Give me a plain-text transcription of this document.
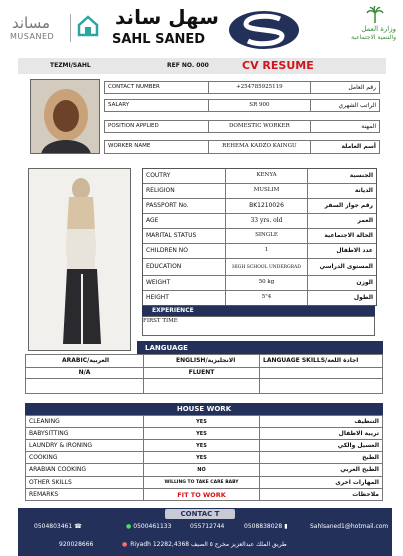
مساند
MUSANED
سهل ساند
SAHL SANED
وزارة العمل
والتنمية الاجتماعية
TEZMI/SAHL	REF NO. 000	CV RESUME
CONTACT NUMBER	+254785925119	رقم العامل
SALARY	SR 900	الراتب الشهري
POSITION APPLIED	DOMESTIC WORKER	المهنة
WORKER NAME	REHEMA KADZO KAINGU	أسم العاملة
COUTRY	KENYA	الجنسية
RELIGION	MUSLIM	الديانة
PASSPORT No.	BK1210026	رقم جواز السفر
AGE	33 yrs. old	العمر
MARITAL STATUS	SINGLE	الحالة الاجتماعية
CHILDREN NO	1	عدد الاطفال
EDUCATION	HIGH SCHOOL UNDERGRAD	المستوى الدراسي
WEIGHT	50 kg	الوزن
HEIGHT	5"4	الطول
EXPERIENCE
FIRST TIME
LANGUAGE
ARABIC/العربية	ENGLISH/الانجليزية	LANGUAGE SKILLS/اجادة اللغة
N/A	FLUENT
HOUSE WORK
CLEANING	YES	التنظيف
BABYSITTING	YES	تربية الاطفال
LAUNDRY & IRONING	YES	الغسيل والكي
COOKING	YES	الطبخ
ARABIAN COOKING	NO	الطبخ العربي
OTHER SKILLS	WILLING TO TAKE CARE BABY	المهارات اخرى
REMARKS	FIT TO WORK	ملاحظات
CONTAC T
0504803461 ☎	● 0500461133	055712744	0508838028 ▮	Sahlsaned1@hotmail.com
920028666	● Riyadh 12282,4368 طريق الملك عبدالعزيز مخرج ٥ الصيف
